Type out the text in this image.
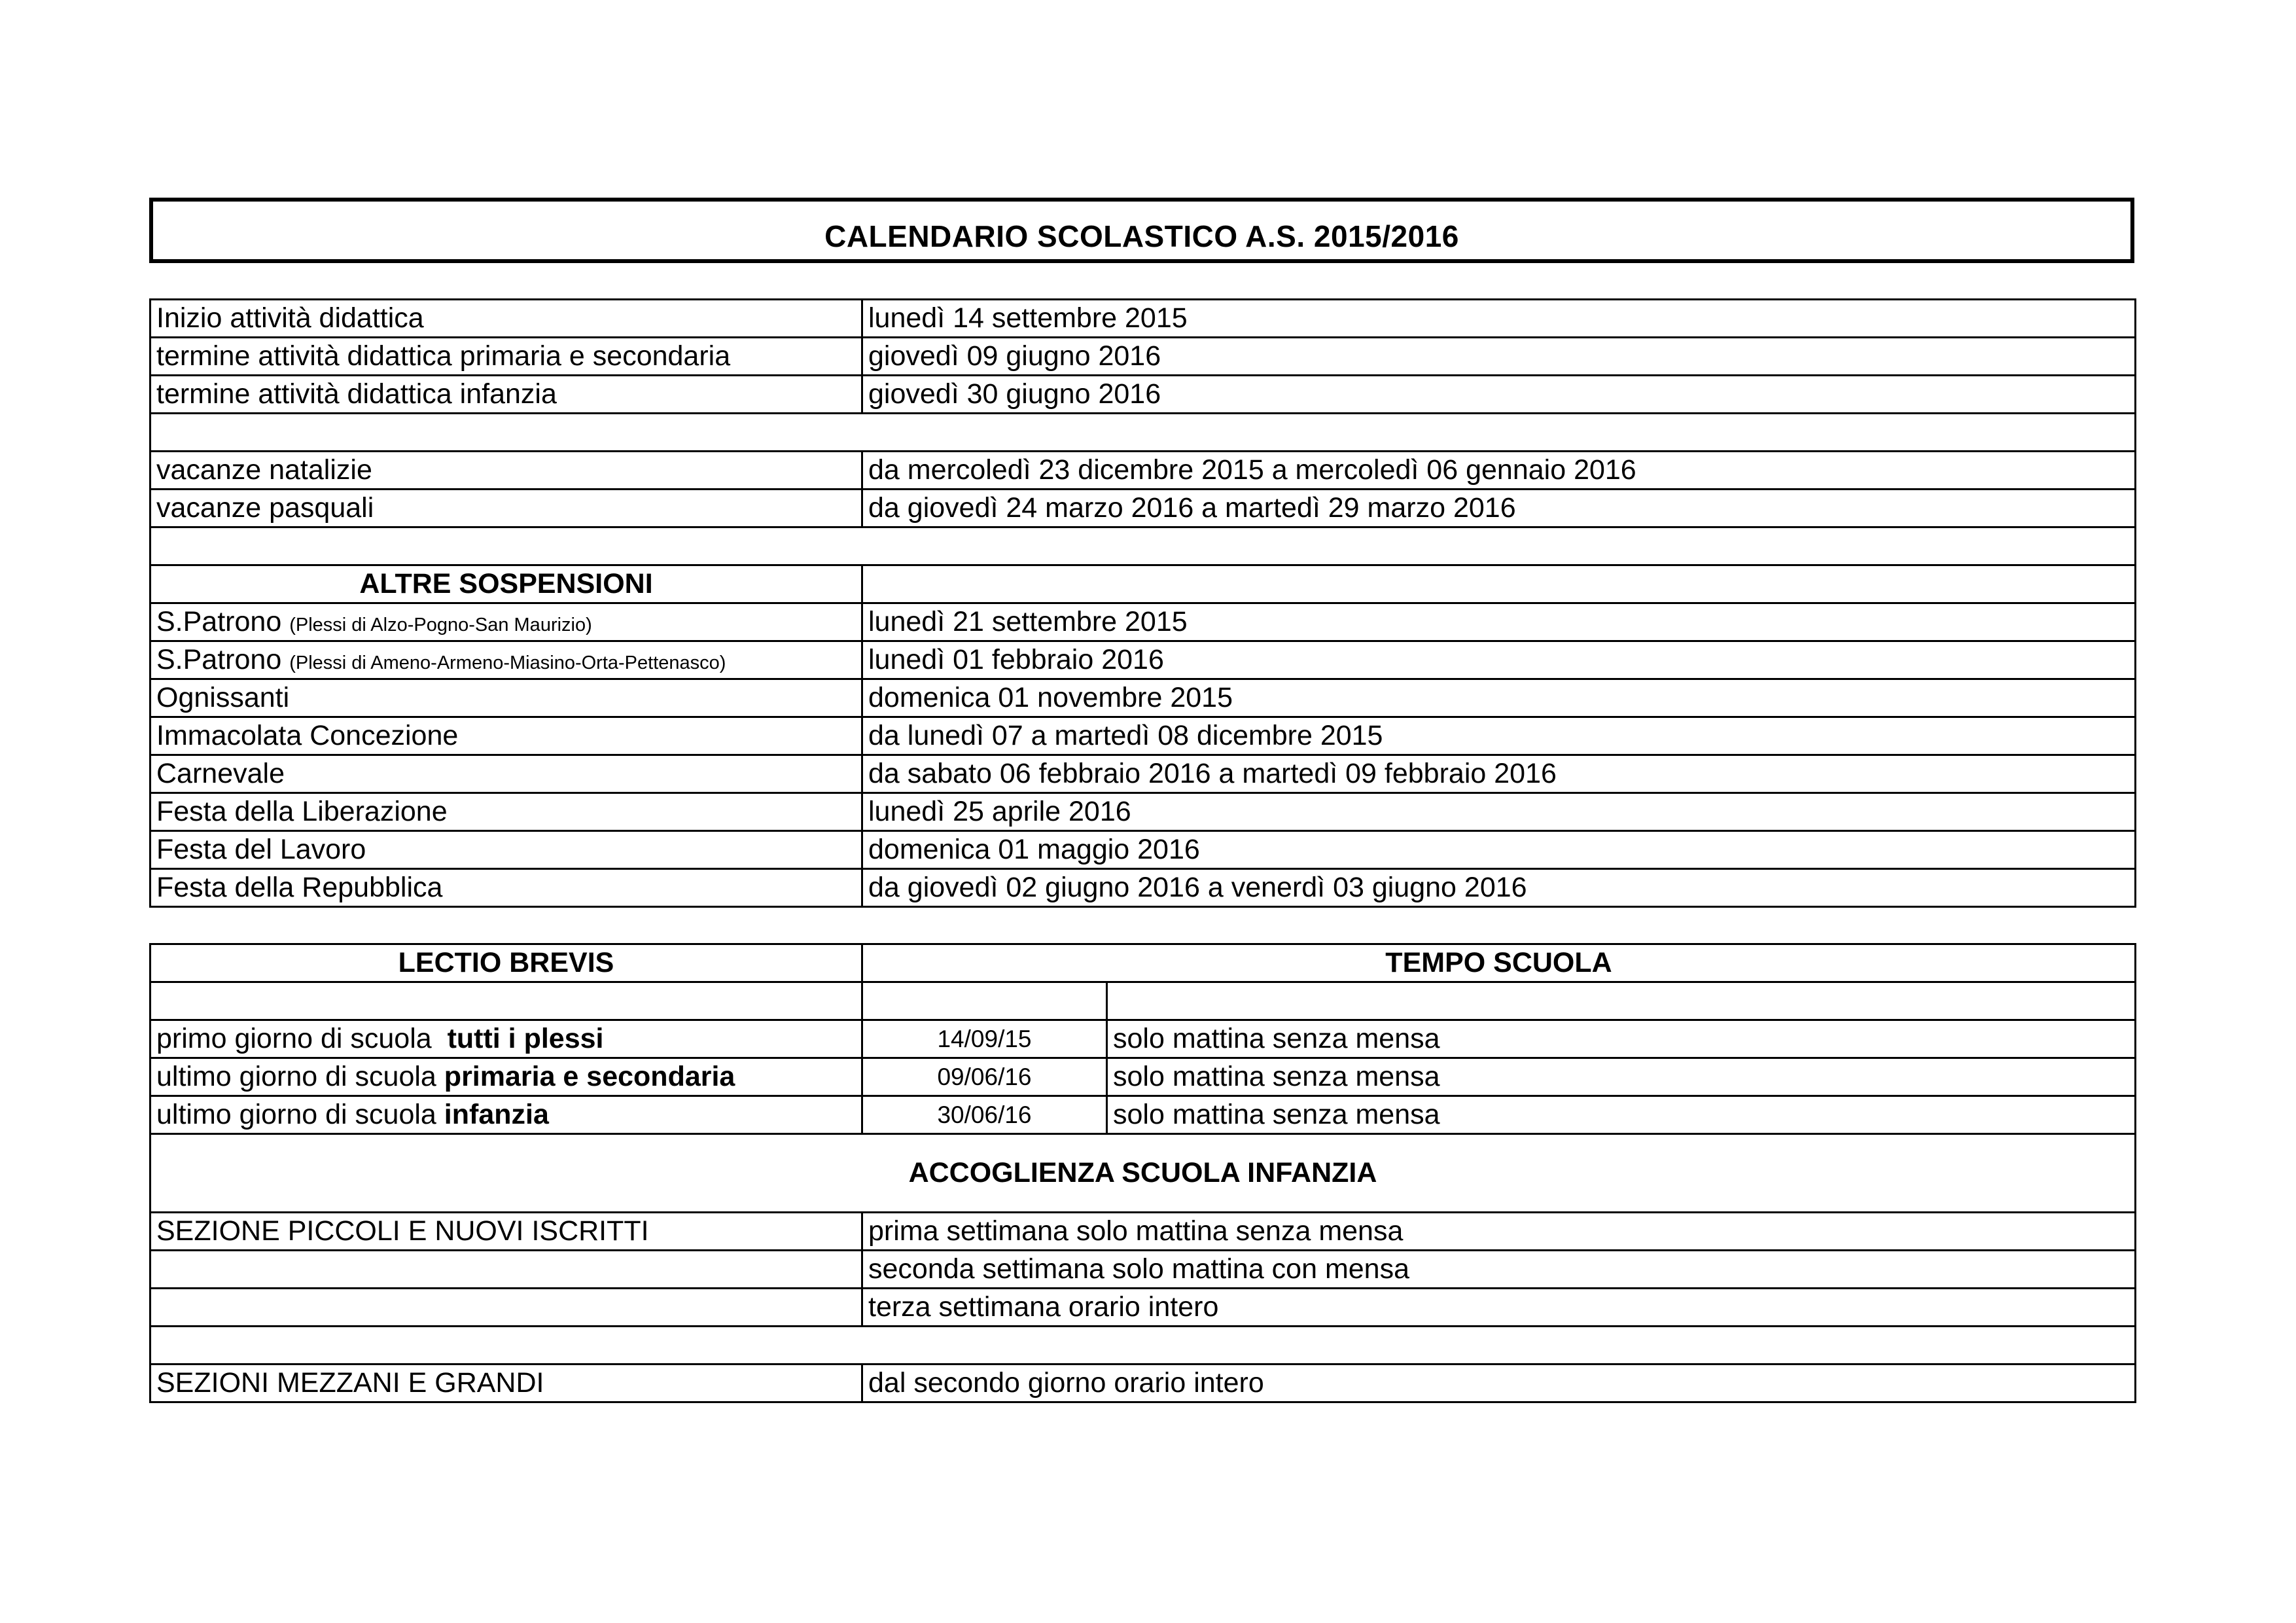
CALENDARIO SCOLASTICO A.S. 2015/2016
Inizio attività didattica	lunedì 14 settembre 2015
termine attività didattica primaria e secondaria	giovedì 09 giugno 2016
termine attività didattica infanzia	giovedì 30 giugno 2016

vacanze natalizie	da mercoledì 23 dicembre 2015 a mercoledì 06 gennaio 2016
vacanze pasquali	da giovedì 24 marzo 2016 a martedì 29 marzo 2016

ALTRE SOSPENSIONI	
S.Patrono (Plessi di Alzo-Pogno-San Maurizio)	lunedì 21 settembre 2015
S.Patrono (Plessi di Ameno-Armeno-Miasino-Orta-Pettenasco)	lunedì 01 febbraio 2016
Ognissanti	domenica 01 novembre 2015
Immacolata Concezione	da lunedì 07 a martedì 08 dicembre 2015
Carnevale	da sabato 06 febbraio 2016 a martedì 09 febbraio 2016
Festa della Liberazione	lunedì 25 aprile 2016
Festa del Lavoro	domenica 01 maggio 2016
Festa della Repubblica	da giovedì 02 giugno 2016 a venerdì 03 giugno 2016
LECTIO BREVIS	TEMPO SCUOLA	

primo giorno di scuola  tutti i plessi	14/09/15	solo mattina senza mensa
ultimo giorno di scuola primaria e secondaria	09/06/16	solo mattina senza mensa
ultimo giorno di scuola infanzia	30/06/16	solo mattina senza mensa
ACCOGLIENZA SCUOLA INFANZIA		
SEZIONE PICCOLI E NUOVI ISCRITTI	prima settimana solo mattina senza mensa	
	seconda settimana solo mattina con mensa	
	terza settimana orario intero	

SEZIONI MEZZANI E GRANDI	dal secondo giorno orario intero	
